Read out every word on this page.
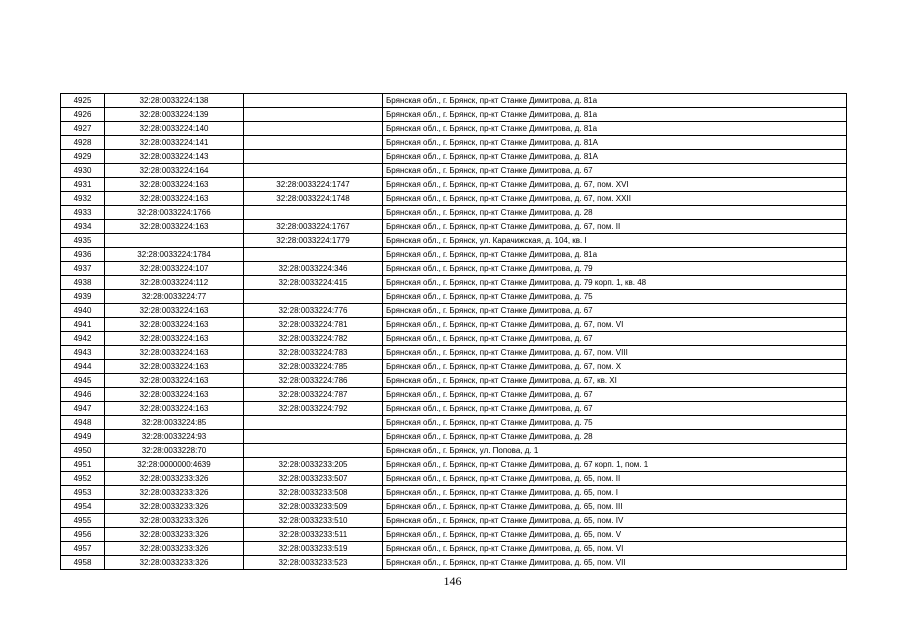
4925	32:28:0033224:138		Брянская обл., г. Брянск, пр-кт Станке Димитрова, д. 81а
4926	32:28:0033224:139		Брянская обл., г. Брянск, пр-кт Станке Димитрова, д. 81а
4927	32:28:0033224:140		Брянская обл., г. Брянск, пр-кт Станке Димитрова, д. 81а
4928	32:28:0033224:141		Брянская обл., г. Брянск, пр-кт Станке Димитрова, д. 81А
4929	32:28:0033224:143		Брянская обл., г. Брянск, пр-кт Станке Димитрова, д. 81А
4930	32:28:0033224:164		Брянская обл., г. Брянск, пр-кт Станке Димитрова, д. 67
4931	32:28:0033224:163	32:28:0033224:1747	Брянская обл., г. Брянск, пр-кт Станке Димитрова, д. 67, пом. XVI
4932	32:28:0033224:163	32:28:0033224:1748	Брянская обл., г. Брянск, пр-кт Станке Димитрова, д. 67, пом. XXII
4933	32:28:0033224:1766		Брянская обл., г. Брянск, пр-кт Станке Димитрова, д. 28
4934	32:28:0033224:163	32:28:0033224:1767	Брянская обл., г. Брянск, пр-кт Станке Димитрова, д. 67, пом. II
4935		32:28:0033224:1779	Брянская обл., г. Брянск, ул. Карачижская, д. 104, кв. I
4936	32:28:0033224:1784		Брянская обл., г. Брянск, пр-кт Станке Димитрова, д. 81а
4937	32:28:0033224:107	32:28:0033224:346	Брянская обл., г. Брянск, пр-кт Станке Димитрова, д. 79
4938	32:28:0033224:112	32:28:0033224:415	Брянская обл., г. Брянск, пр-кт Станке Димитрова, д. 79 корп. 1, кв. 48
4939	32:28:0033224:77		Брянская обл., г. Брянск, пр-кт Станке Димитрова, д. 75
4940	32:28:0033224:163	32:28:0033224:776	Брянская обл., г. Брянск, пр-кт Станке Димитрова, д. 67
4941	32:28:0033224:163	32:28:0033224:781	Брянская обл., г. Брянск, пр-кт Станке Димитрова, д. 67, пом. VI
4942	32:28:0033224:163	32:28:0033224:782	Брянская обл., г. Брянск, пр-кт Станке Димитрова, д. 67
4943	32:28:0033224:163	32:28:0033224:783	Брянская обл., г. Брянск, пр-кт Станке Димитрова, д. 67, пом. VIII
4944	32:28:0033224:163	32:28:0033224:785	Брянская обл., г. Брянск, пр-кт Станке Димитрова, д. 67, пом. X
4945	32:28:0033224:163	32:28:0033224:786	Брянская обл., г. Брянск, пр-кт Станке Димитрова, д. 67, кв. XI
4946	32:28:0033224:163	32:28:0033224:787	Брянская обл., г. Брянск, пр-кт Станке Димитрова, д. 67
4947	32:28:0033224:163	32:28:0033224:792	Брянская обл., г. Брянск, пр-кт Станке Димитрова, д. 67
4948	32:28:0033224:85		Брянская обл., г. Брянск, пр-кт Станке Димитрова, д. 75
4949	32:28:0033224:93		Брянская обл., г. Брянск, пр-кт Станке Димитрова, д. 28
4950	32:28:0033228:70		Брянская обл., г. Брянск, ул. Попова, д. 1
4951	32:28:0000000:4639	32:28:0033233:205	Брянская обл., г. Брянск, пр-кт Станке Димитрова, д. 67 корп. 1, пом. 1
4952	32:28:0033233:326	32:28:0033233:507	Брянская обл., г. Брянск, пр-кт Станке Димитрова, д. 65, пом. II
4953	32:28:0033233:326	32:28:0033233:508	Брянская обл., г. Брянск, пр-кт Станке Димитрова, д. 65, пом. I
4954	32:28:0033233:326	32:28:0033233:509	Брянская обл., г. Брянск, пр-кт Станке Димитрова, д. 65, пом. III
4955	32:28:0033233:326	32:28:0033233:510	Брянская обл., г. Брянск, пр-кт Станке Димитрова, д. 65, пом. IV
4956	32:28:0033233:326	32:28:0033233:511	Брянская обл., г. Брянск, пр-кт Станке Димитрова, д. 65, пом. V
4957	32:28:0033233:326	32:28:0033233:519	Брянская обл., г. Брянск, пр-кт Станке Димитрова, д. 65, пом. VI
4958	32:28:0033233:326	32:28:0033233:523	Брянская обл., г. Брянск, пр-кт Станке Димитрова, д. 65, пом. VII
146
